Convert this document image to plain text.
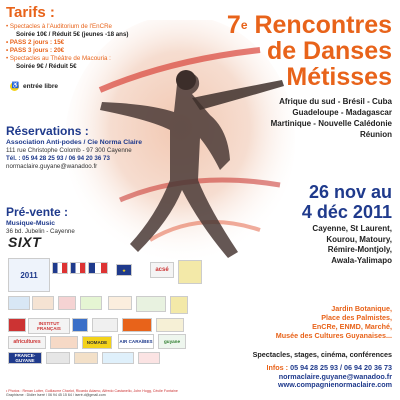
Tarifs :
• Spectacles à l'Auditorium de l'EnCRe
Soirée 10€ / Réduit 5€ (jeunes -18 ans)
• PASS 2 jours : 15€
• PASS 3 jours : 20€
• Spectacles au Théâtre de Macouria :
Soirée 9€ / Réduit 5€
♿
entrée libre
Réservations :
Association Anti-podes / Cie Norma Claire
111 rue Christophe Colomb - 97 300 Cayenne
Tél. : 05 94 28 25 93 / 06 94 20 36 73
normaclaire.guyane@wanadoo.fr
Pré-vente :
Musique-Music
36 bd. Jubelin - Cayenne
7e Rencontres
de Danses
Métisses
Afrique du sud - Brésil - Cuba
Guadeloupe - Madagascar
Martinique - Nouvelle Calédonie
Réunion
26 nov au
4 déc 2011
Cayenne, St Laurent,
Kourou, Matoury,
Rémire-Montjoly,
Awala-Yalimapo
SIXT
2011
★	acsé
INSTITUT FRANÇAIS
africultures	NOMADE	AIR CARAÏBES guyane
FRANCE-GUYANE
Jardin Botanique,
Place des Palmistes,
EnCRe, ENMD, Marché,
Musée des Cultures Guyanaises...
Spectacles, stages, cinéma, conférences
Infos : 05 94 28 25 93 / 06 94 20 36 73
normaclaire.guyane@wanadoo.fr
www.compagnienormaclaire.com
• Photos : Renan Lutter, Guillaume Charlot, Ricardo Adamo, Alfredo Castanello, John Hogg, Cécile Fontaine
Graphisme : Didier Iseré / 06 94 45 15 64 / iseré.d@gmail.com
